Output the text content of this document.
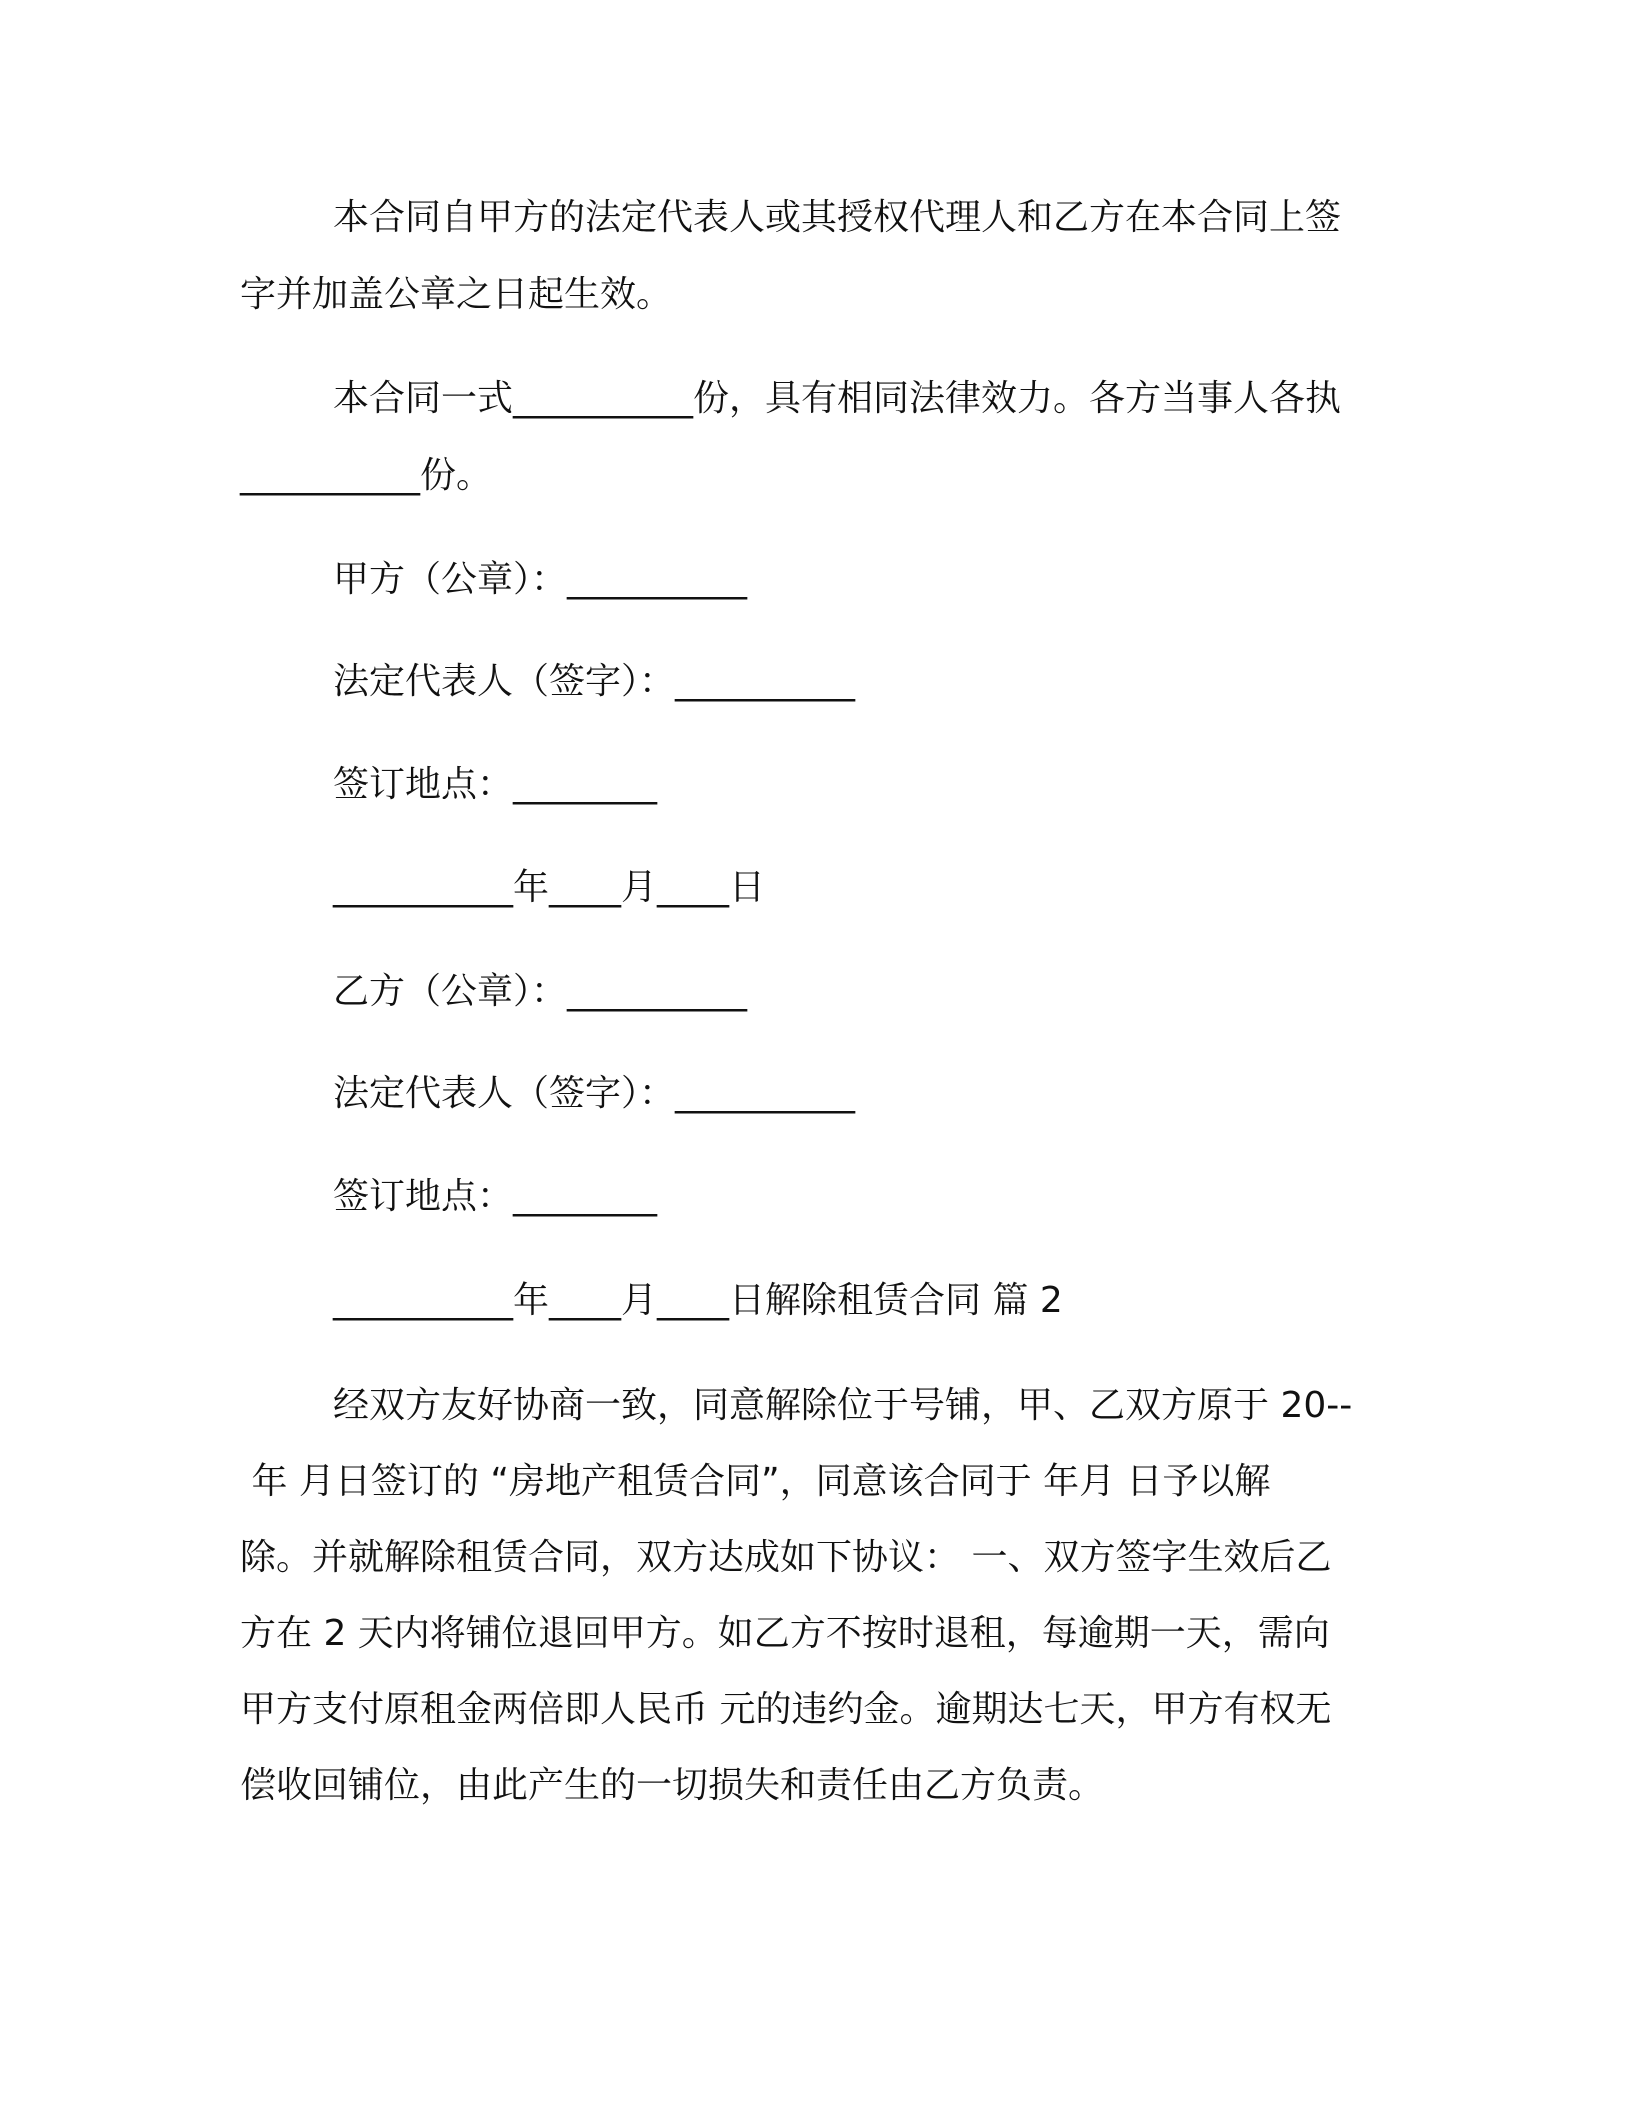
本合同自甲方的法定代表人或其授权代理人和乙方在本合同上签
字并加盖公章之日起生效。
本合同一式__________份，具有相同法律效力。各方当事人各执
__________份。
甲方（公章）：__________
法定代表人（签字）：__________
签订地点：________
__________年____月____日
乙方（公章）：__________
法定代表人（签字）：__________
签订地点：________
__________年____月____日解除租赁合同 篇 2
经双方友好协商一致，同意解除位于号铺，甲、乙双方原于 20--
年 月日签订的 “房地产租赁合同”，同意该合同于 年月 日予以解
除。并就解除租赁合同，双方达成如下协议： 一、双方签字生效后乙
方在 2 天内将铺位退回甲方。如乙方不按时退租，每逾期一天，需向
甲方支付原租金两倍即人民币 元的违约金。逾期达七天，甲方有权无
偿收回铺位，由此产生的一切损失和责任由乙方负责。
